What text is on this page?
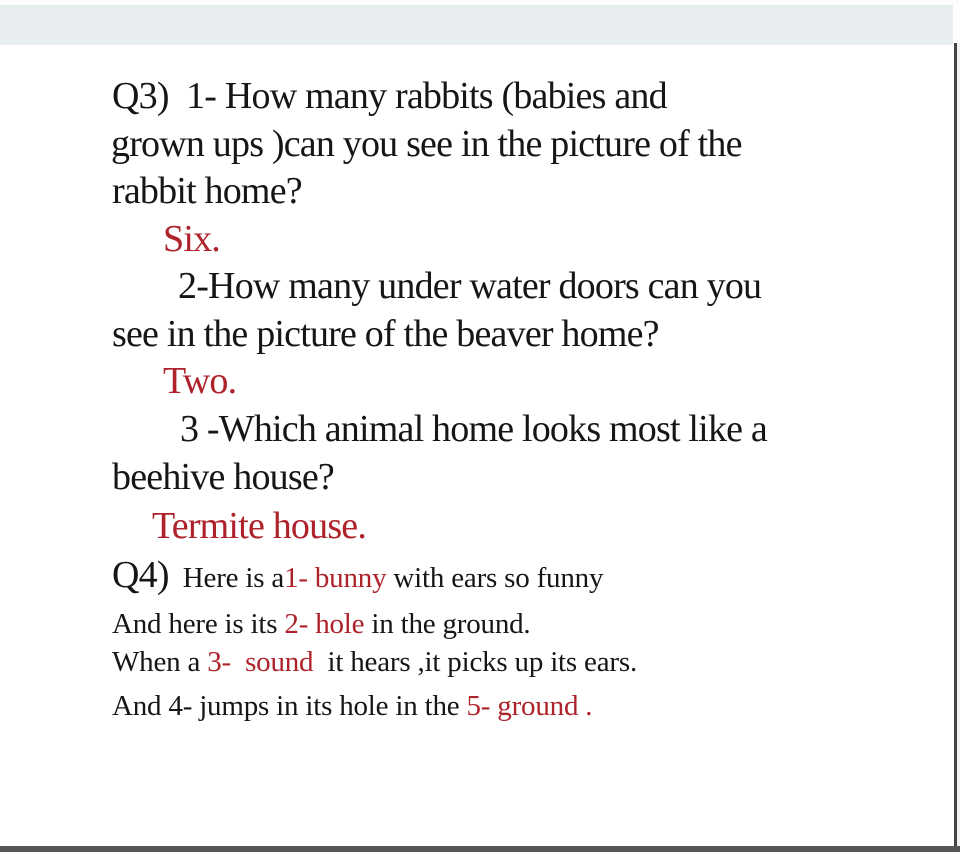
Q3)  1- How many rabbits (babies and
grown ups )can you see in the picture of the
rabbit home?
Six.
2-How many under water doors can you
see in the picture of the beaver home?
Two.
3 -Which animal home looks most like a
beehive house?
Termite house.
Q4)  Here is a1- bunny with ears so funny
And here is its 2- hole in the ground.
When a 3-  sound  it hears ,it picks up its ears.
And 4- jumps in its hole in the 5- ground .
